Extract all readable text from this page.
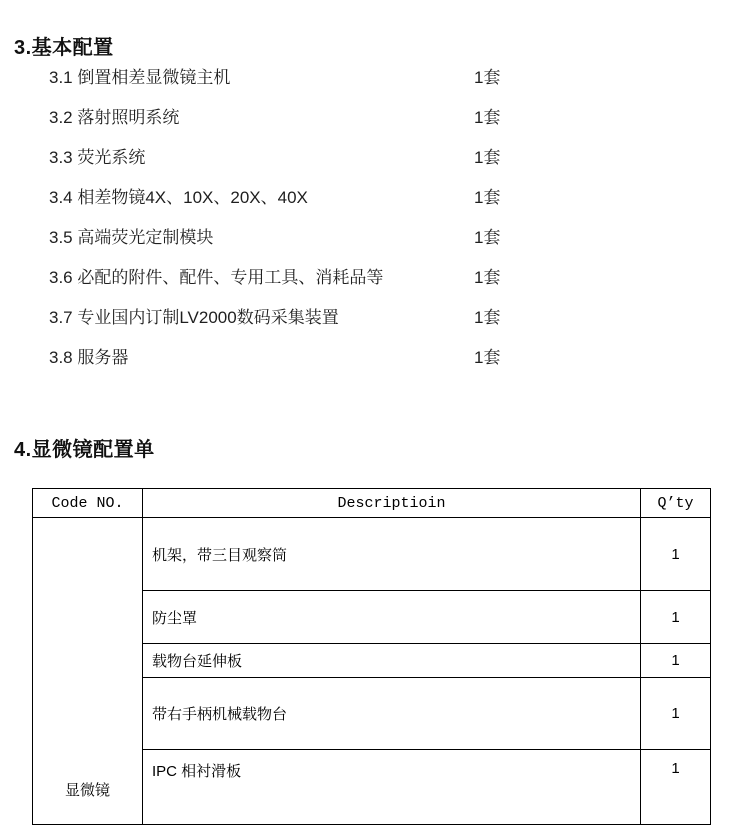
3.基本配置
3.1 倒置相差显微镜主机	1套
3.2 落射照明系统	1套
3.3 荧光系统	1套
3.4 相差物镜4X、10X、20X、40X	1套
3.5 高端荧光定制模块	1套
3.6 必配的附件、配件、专用工具、消耗品等	1套
3.7 专业国内订制LV2000数码采集装置	1套
3.8 服务器	1套
4.显微镜配置单
Code NO.	Descriptioin	Q’ty

显微镜	机架，带三目观察筒	1
	防尘罩	1
	载物台延伸板	1
	带右手柄机械载物台	1
	IPC 相衬滑板	1
